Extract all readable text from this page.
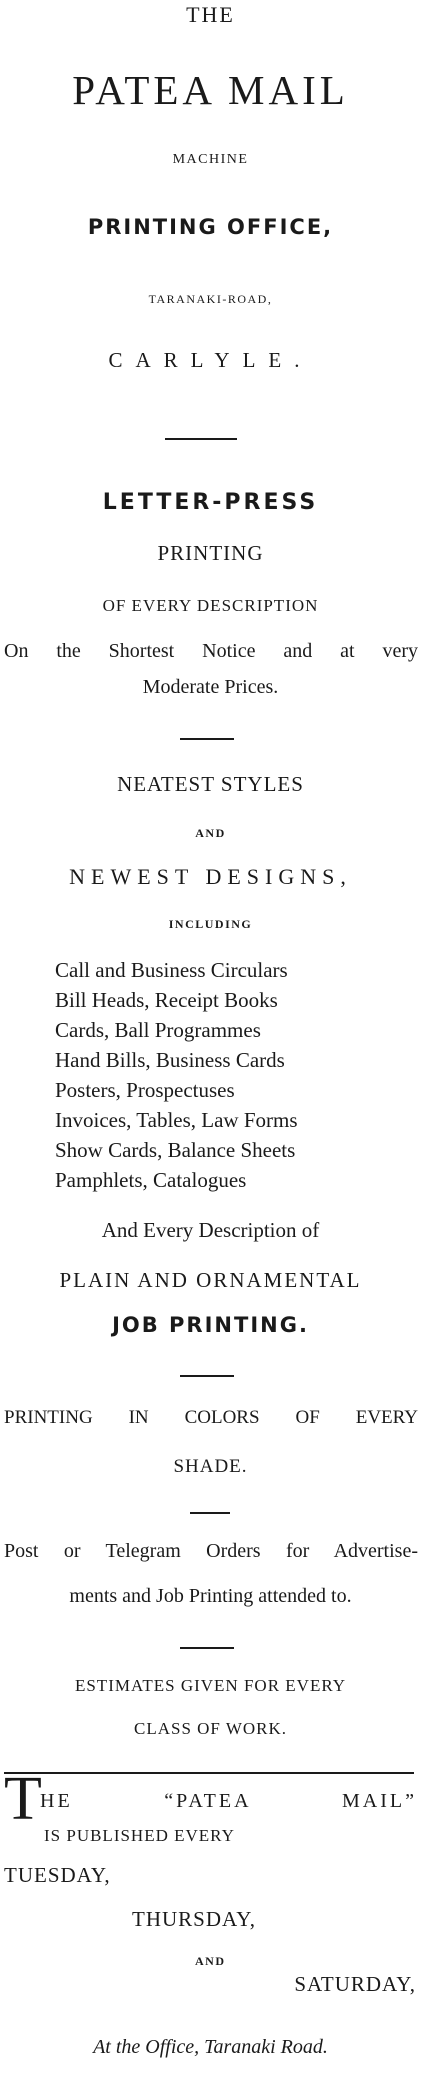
THE
PATEA MAIL
MACHINE
PRINTING OFFICE,
TARANAKI-ROAD,
CARLYLE.
LETTER-PRESS
PRINTING
OF EVERY DESCRIPTION
On the Shortest Notice and at very
Moderate Prices.
NEATEST STYLES
AND
NEWEST DESIGNS,
INCLUDING
Call and Business Circulars
Bill Heads, Receipt Books
Cards, Ball Programmes
Hand Bills, Business Cards
Posters, Prospectuses
Invoices, Tables, Law Forms
Show Cards, Balance Sheets
Pamphlets, Catalogues
And Every Description of
PLAIN AND ORNAMENTAL
JOB PRINTING.
PRINTING IN COLORS OF EVERY
SHADE.
Post or Telegram Orders for Advertise-
ments and Job Printing attended to.
ESTIMATES GIVEN FOR EVERY
CLASS OF WORK.
T
HE “PATEA MAIL”
IS PUBLISHED EVERY
TUESDAY,
THURSDAY,
AND
SATURDAY,
At the Office, Taranaki Road.
